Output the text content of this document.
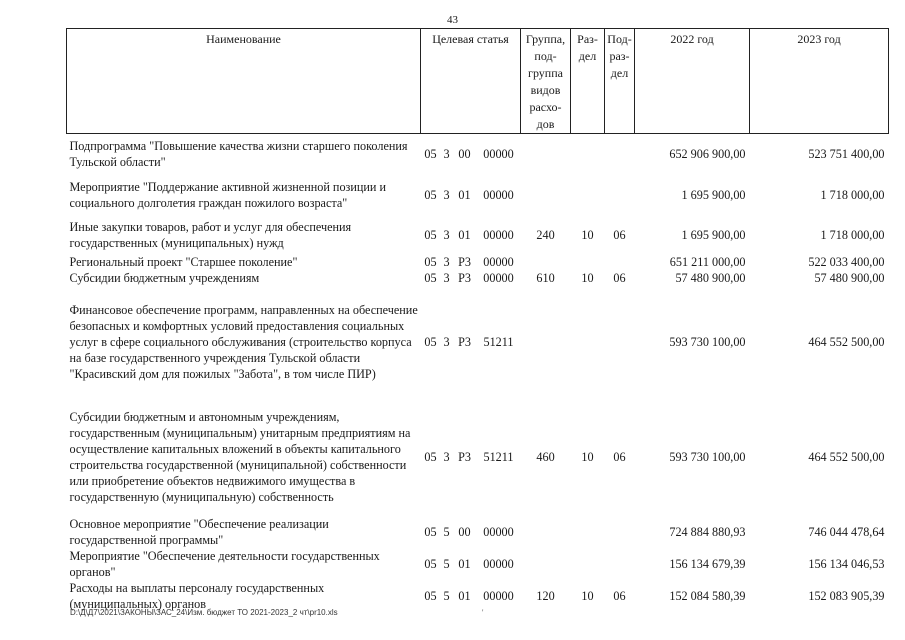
43
Наименование	Целевая статья				Группа, под- группа видов расхо- дов	Раз- дел	Под- раз- дел	2022 год	2023 год
Подпрограмма "Повышение качества жизни старшего поколения Тульской области"	05	3	00	00000				652 906 900,00	523 751 400,00
Мероприятие "Поддержание активной жизненной позиции и социального долголетия граждан пожилого возраста"	05	3	01	00000				1 695 900,00	1 718 000,00
Иные закупки товаров, работ и услуг для обеспечения государственных (муниципальных) нужд	05	3	01	00000	240	10	06	1 695 900,00	1 718 000,00
Региональный проект "Старшее поколение"	05	3	P3	00000				651 211 000,00	522 033 400,00
Субсидии бюджетным учреждениям	05	3	P3	00000	610	10	06	57 480 900,00	57 480 900,00
Финансовое обеспечение программ, направленных на обеспечение безопасных и комфортных условий предоставления социальных услуг в сфере социального обслуживания (строительство корпуса на базе государственного учреждения Тульской области "Красивский дом для пожилых "Забота", в том числе ПИР)	05	3	P3	51211				593 730 100,00	464 552 500,00
Субсидии бюджетным и автономным учреждениям, государственным (муниципальным) унитарным предприятиям на осуществление капитальных вложений в объекты капитального строительства государственной (муниципальной) собственности или приобретение объектов недвижимого имущества в государственную (муниципальную) собственность	05	3	P3	51211	460	10	06	593 730 100,00	464 552 500,00
Основное мероприятие "Обеспечение реализации государственной программы"	05	5	00	00000				724 884 880,93	746 044 478,64
Мероприятие "Обеспечение деятельности государственных органов"	05	5	01	00000				156 134 679,39	156 134 046,53
Расходы на выплаты персоналу государственных (муниципальных) органов	05	5	01	00000	120	10	06	152 084 580,39	152 083 905,39
D:\Д\Д7\2021\ЗАКОНЫ\ЗАС_24\Изм. бюджет ТО 2021-2023_2 чт\pr10.xls	'
